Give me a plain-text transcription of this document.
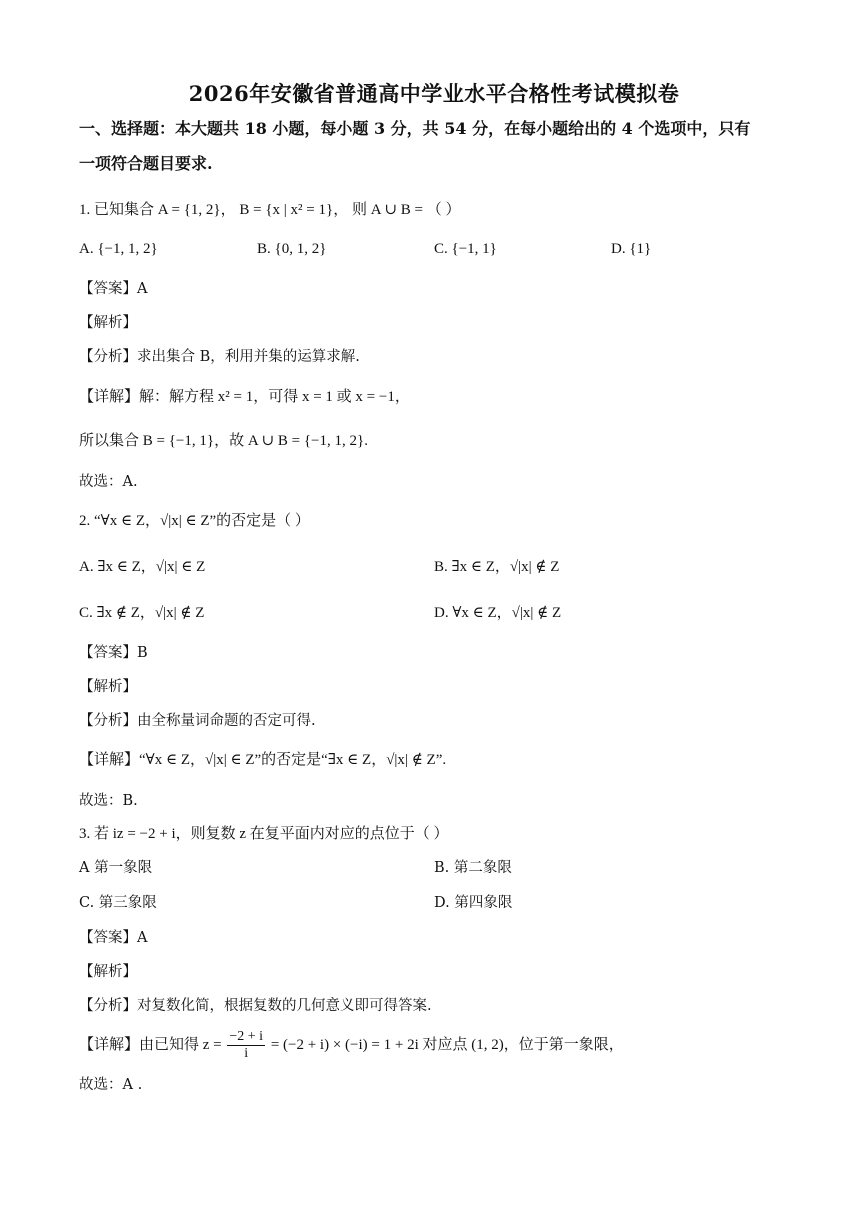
2026年安徽省普通高中学业水平合格性考试模拟卷
一、选择题：本大题共 18 小题，每小题 3 分，共 54 分，在每小题给出的 4 个选项中，只有
一项符合题目要求.
1. 已知集合 A = {1, 2}， B = {x | x² = 1}， 则 A ∪ B = （ ）
A. {−1, 1, 2}	B. {0, 1, 2}	C. {−1, 1}	D. {1}
【答案】A
【解析】
【分析】求出集合 B，利用并集的运算求解.
【详解】解：解方程 x² = 1，可得 x = 1 或 x = −1，
所以集合 B = {−1, 1}，故 A ∪ B = {−1, 1, 2}.
故选：A.
2. “∀x ∈ Z，√|x| ∈ Z”的否定是（ ）
A. ∃x ∈ Z，√|x| ∈ Z	B. ∃x ∈ Z，√|x| ∉ Z
C. ∃x ∉ Z，√|x| ∉ Z	D. ∀x ∈ Z，√|x| ∉ Z
【答案】B
【解析】
【分析】由全称量词命题的否定可得.
【详解】“∀x ∈ Z，√|x| ∈ Z”的否定是“∃x ∈ Z，√|x| ∉ Z”.
故选：B.
3. 若 iz = −2 + i，则复数 z 在复平面内对应的点位于（ ）
A 第一象限	B. 第二象限
C. 第三象限	D. 第四象限
【答案】A
【解析】
【分析】对复数化简，根据复数的几何意义即可得答案.
【详解】由已知得 $z = \frac{-2 + i}{i} = (-2 + i) \times (-i) = 1 + 2i$ 对应点 (1, 2)，位于第一象限，
故选：A .
